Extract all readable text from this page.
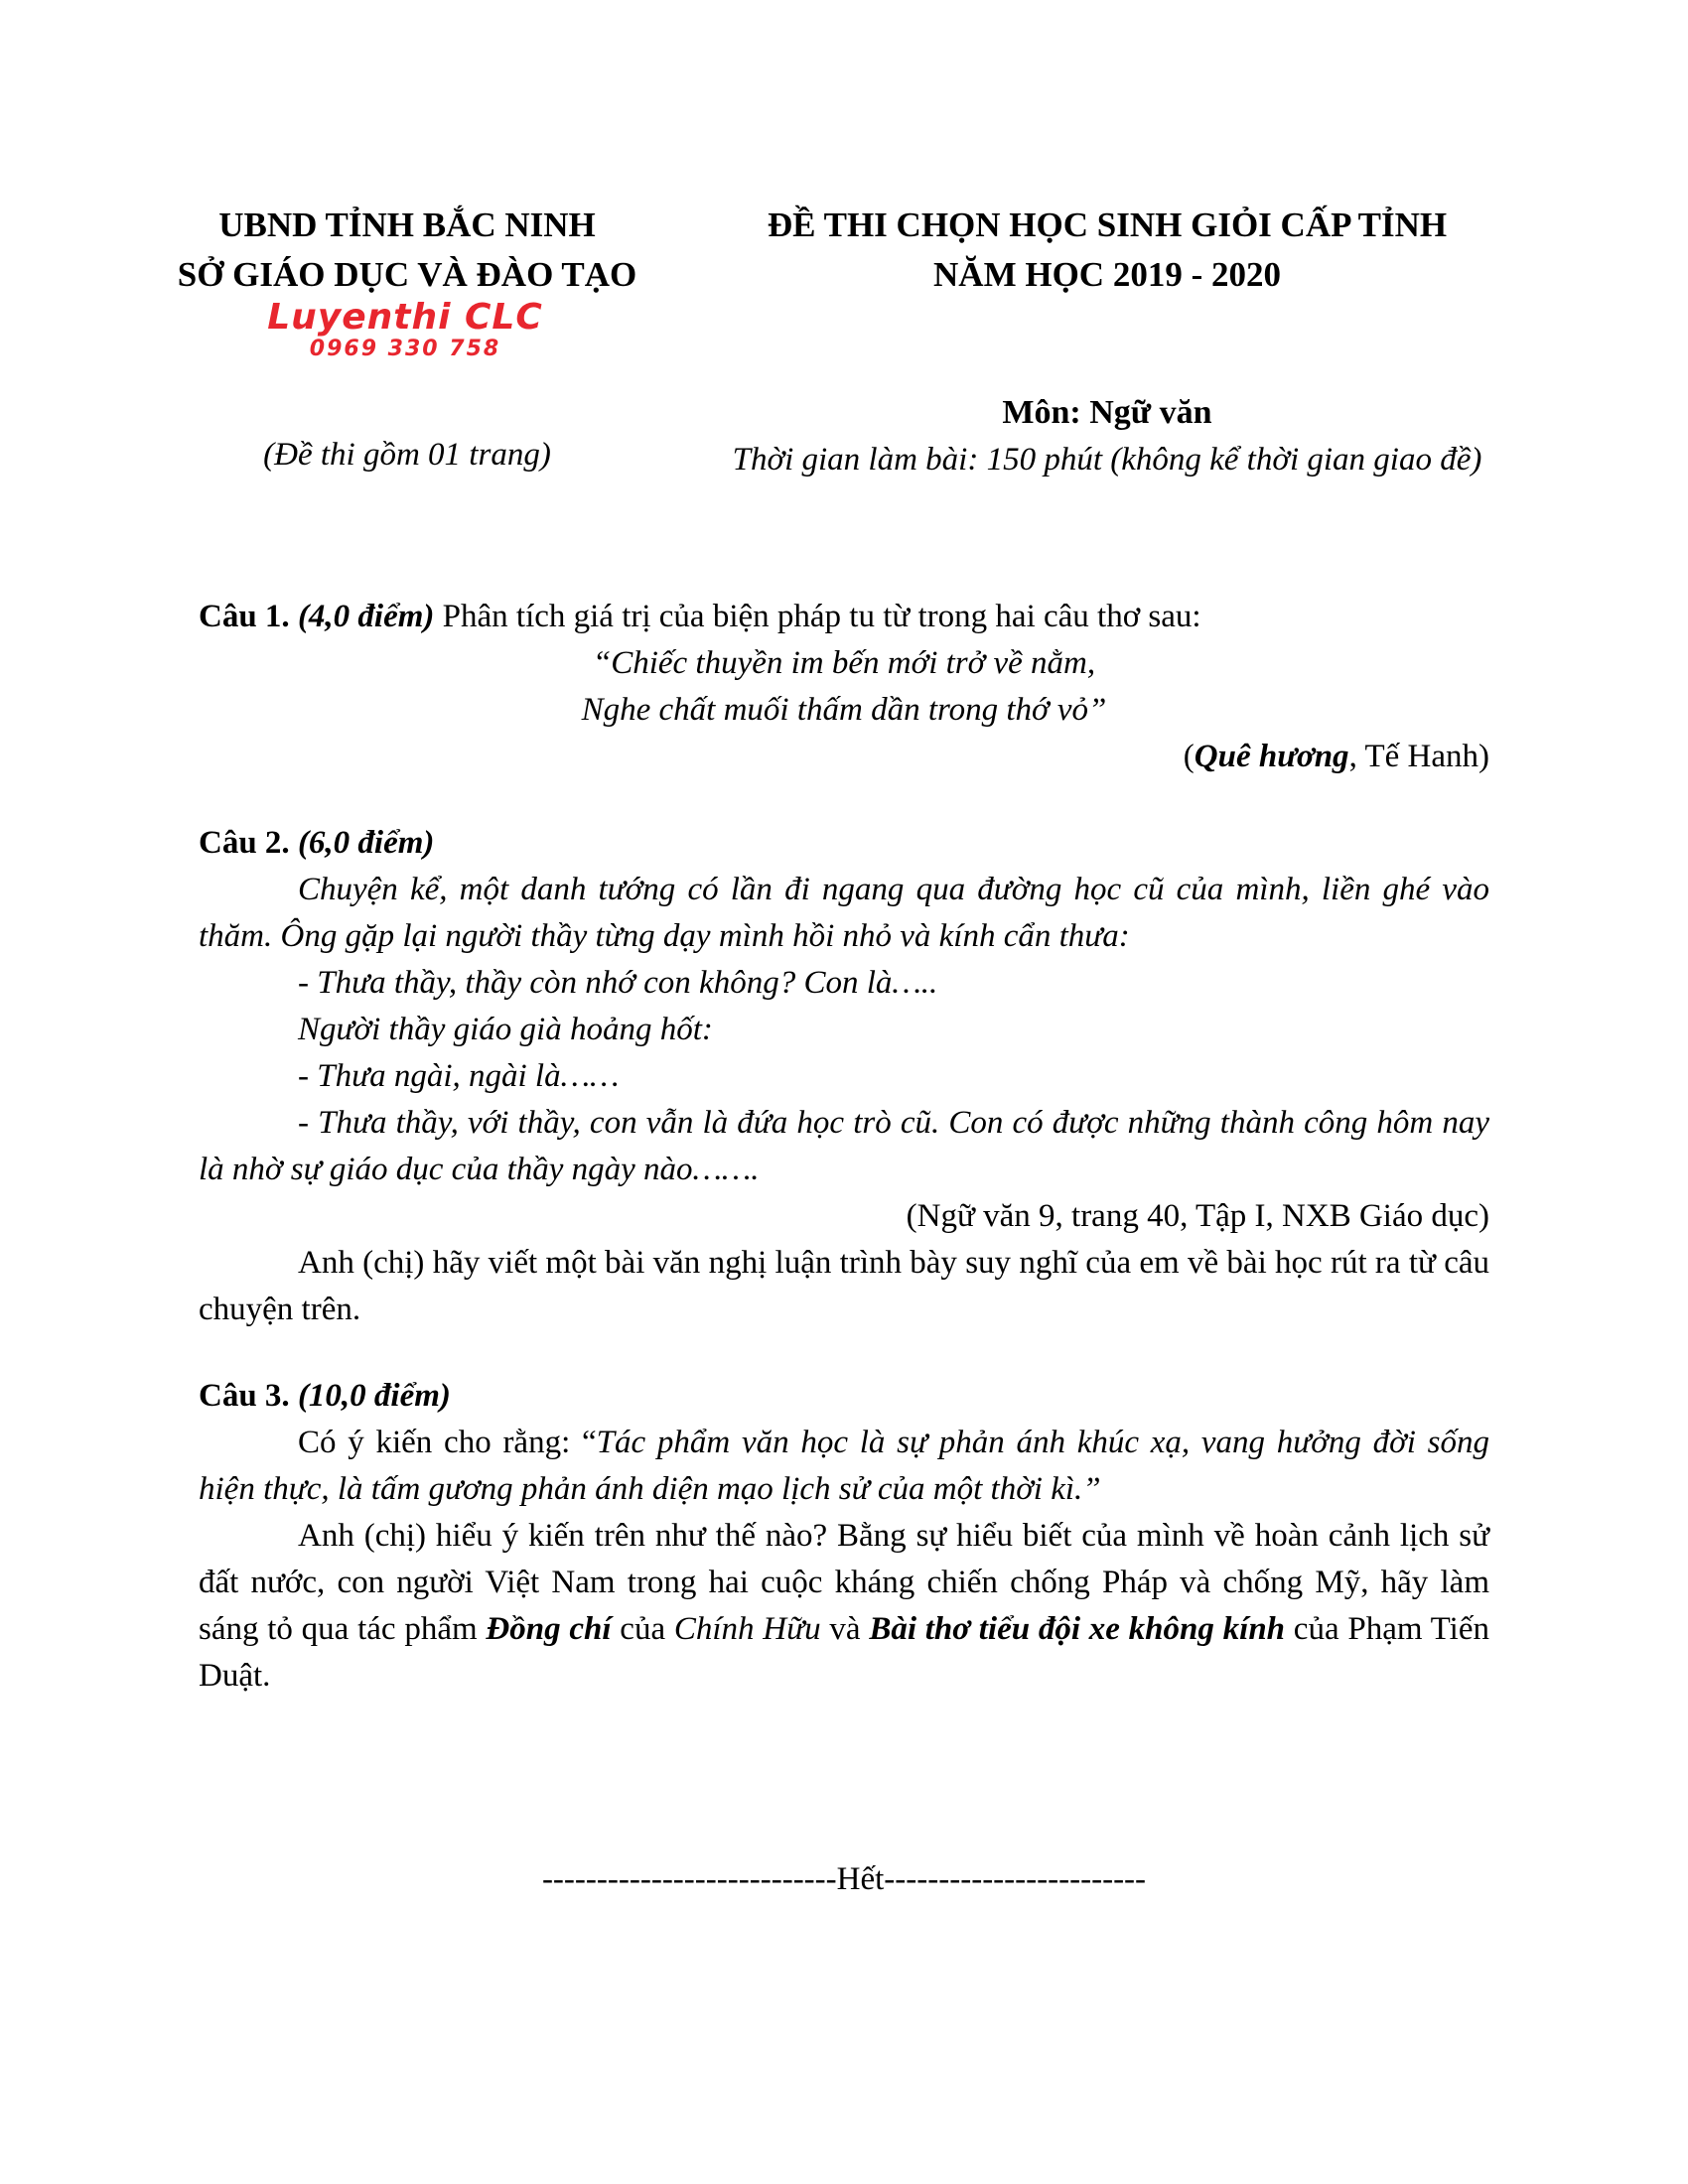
UBND TỈNH BẮC NINH
SỞ GIÁO DỤC VÀ ĐÀO TẠO
Luyenthi CLC
0969 330 758
ĐỀ THI CHỌN HỌC SINH GIỎI CẤP TỈNH
NĂM HỌC 2019 - 2020
(Đề thi gồm 01 trang)
Môn: Ngữ văn
Thời gian làm bài: 150 phút (không kể thời gian giao đề)

Câu 1. (4,0 điểm) Phân tích giá trị của biện pháp tu từ trong hai câu thơ sau:

“Chiếc thuyền im bến mới trở về nằm,

Nghe chất muối thấm dần trong thớ vỏ”

(Quê hương, Tế Hanh)

Câu 2. (6,0 điểm)

Chuyện kể, một danh tướng có lần đi ngang qua đường học cũ của mình, liền ghé vào thăm. Ông gặp lại người thầy từng dạy mình hồi nhỏ và kính cẩn thưa:

- Thưa thầy, thầy còn nhớ con không? Con là…..

Người thầy giáo già hoảng hốt:

- Thưa ngài, ngài là……

- Thưa thầy, với thầy, con vẫn là đứa học trò cũ. Con có được những thành công hôm nay là nhờ sự giáo dục của thầy ngày nào…….

(Ngữ văn 9, trang 40, Tập I, NXB Giáo dục)

Anh (chị) hãy viết một bài văn nghị luận trình bày suy nghĩ của em về bài học rút ra từ câu chuyện trên.

Câu 3. (10,0 điểm)

Có ý kiến cho rằng: “Tác phẩm văn học là sự phản ánh khúc xạ, vang hưởng đời sống hiện thực, là tấm gương phản ánh diện mạo lịch sử của một thời kì.”

Anh (chị) hiểu ý kiến trên như thế nào? Bằng sự hiểu biết của mình về hoàn cảnh lịch sử đất nước, con người Việt Nam trong hai cuộc kháng chiến chống Pháp và chống Mỹ, hãy làm sáng tỏ qua tác phẩm Đồng chí của Chính Hữu và Bài thơ tiểu đội xe không kính của Phạm Tiến Duật.

---------------------------Hết------------------------
